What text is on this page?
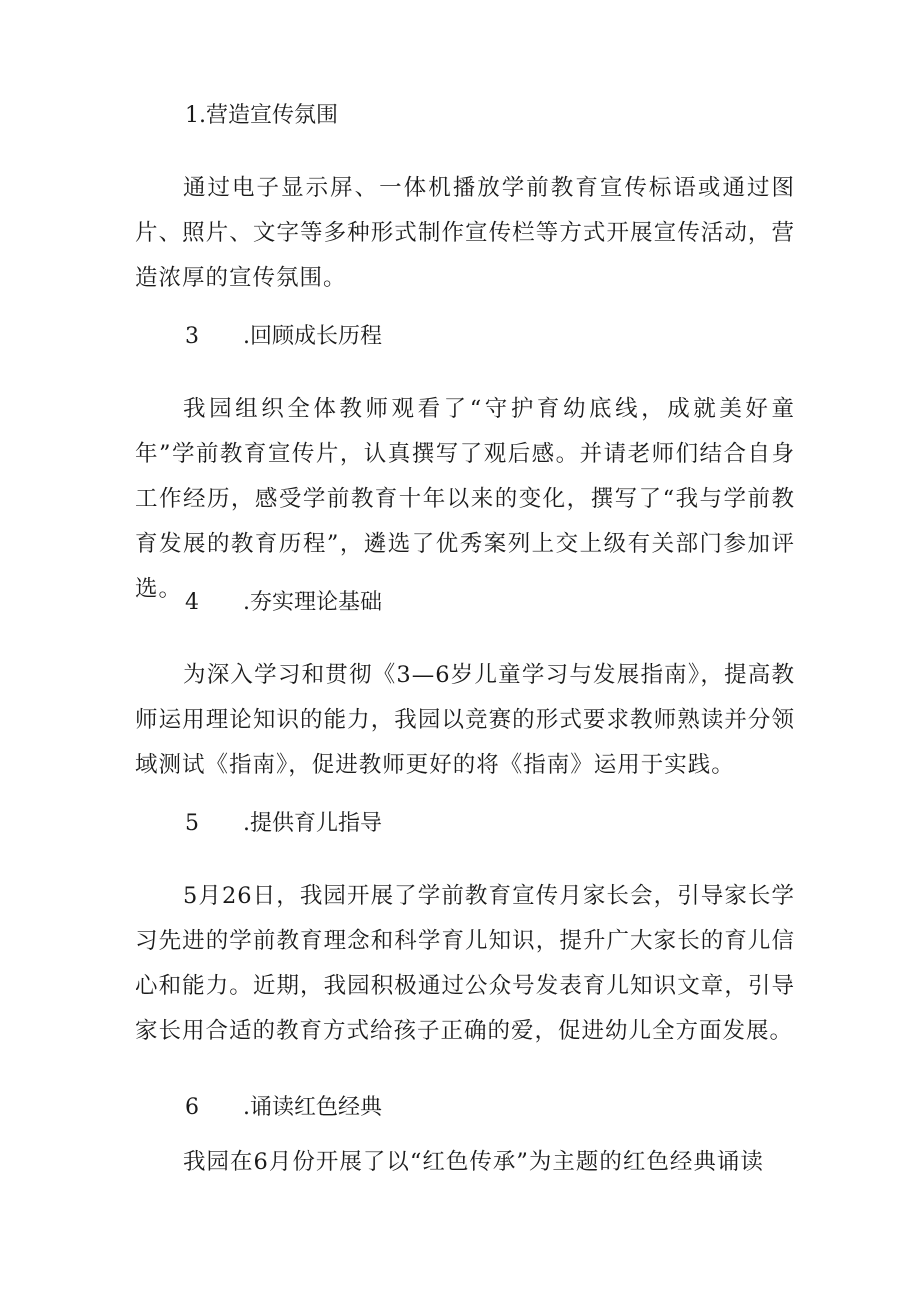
1.营造宣传氛围
通过电子显示屏、一体机播放学前教育宣传标语或通过图片、照片、文字等多种形式制作宣传栏等方式开展宣传活动，营造浓厚的宣传氛围。
3 .回顾成长历程
我园组织全体教师观看了“守护育幼底线，成就美好童年”学前教育宣传片，认真撰写了观后感。并请老师们结合自身工作经历，感受学前教育十年以来的变化，撰写了“我与学前教育发展的教育历程”，遴选了优秀案列上交上级有关部门参加评选。
4 .夯实理论基础
为深入学习和贯彻《3—6岁儿童学习与发展指南》，提高教师运用理论知识的能力，我园以竞赛的形式要求教师熟读并分领域测试《指南》，促进教师更好的将《指南》运用于实践。
5 .提供育儿指导
5月26日，我园开展了学前教育宣传月家长会，引导家长学习先进的学前教育理念和科学育儿知识，提升广大家长的育儿信心和能力。近期，我园积极通过公众号发表育儿知识文章，引导家长用合适的教育方式给孩子正确的爱，促进幼儿全方面发展。
6 .诵读红色经典
我园在6月份开展了以“红色传承”为主题的红色经典诵读
